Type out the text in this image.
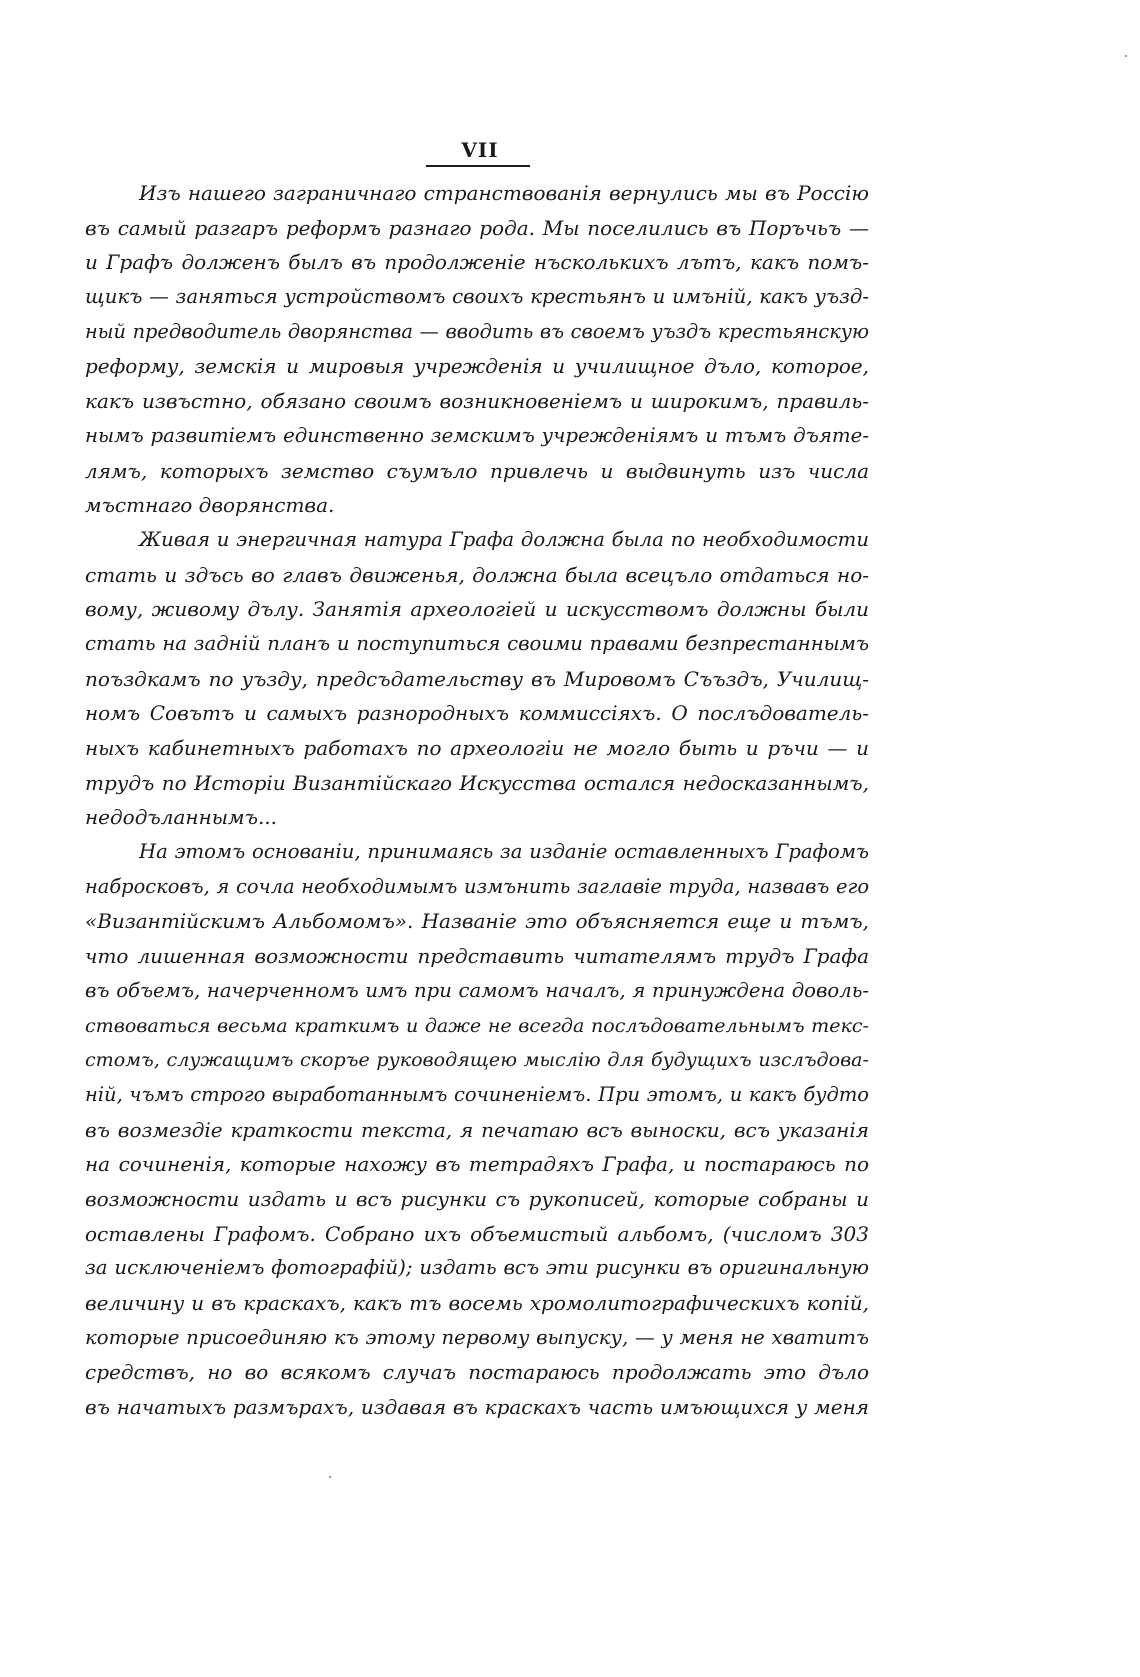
VII
Изъ нашего заграничнаго странствованія вернулись мы въ Россію
въ самый разгаръ реформъ разнаго рода. Мы поселились въ Поръчьъ —
и Графъ долженъ былъ въ продолженіе нъсколькихъ лътъ, какъ помъ-
щикъ — заняться устройствомъ своихъ крестьянъ и имъній, какъ уъзд-
ный предводитель дворянства — вводить въ своемъ уъздъ крестьянскую
реформу, земскія и мировыя учрежденія и училищное дъло, которое,
какъ извъстно, обязано своимъ возникновеніемъ и широкимъ, правиль-
нымъ развитіемъ единственно земскимъ учрежденіямъ и тъмъ дъяте-
лямъ, которыхъ земство съумъло привлечь и выдвинуть изъ числа
мъстнаго дворянства.
Живая и энергичная натура Графа должна была по необходимости
стать и здъсь во главъ движенья, должна была всецъло отдаться но-
вому, живому дълу. Занятія археологіей и искусствомъ должны были
стать на задній планъ и поступиться своими правами безпрестаннымъ
поъздкамъ по уъзду, предсъдательству въ Мировомъ Съъздъ, Училищ-
номъ Совътъ и самыхъ разнородныхъ коммиссіяхъ. О послъдователь-
ныхъ кабинетныхъ работахъ по археологіи не могло быть и ръчи — и
трудъ по Исторіи Византійскаго Искусства остался недосказаннымъ,
недодъланнымъ...
На этомъ основаніи, принимаясь за изданіе оставленныхъ Графомъ
набросковъ, я сочла необходимымъ измънить заглавіе труда, назвавъ его
«Византійскимъ Альбомомъ». Названіе это объясняется еще и тъмъ,
что лишенная возможности представить читателямъ трудъ Графа
въ объемъ, начерченномъ имъ при самомъ началъ, я принуждена доволь-
ствоваться весьма краткимъ и даже не всегда послъдовательнымъ текс-
стомъ, служащимъ скоръе руководящею мыслію для будущихъ изслъдова-
ній, чъмъ строго выработаннымъ сочиненіемъ. При этомъ, и какъ будто
въ возмездіе краткости текста, я печатаю всъ выноски, всъ указанія
на сочиненія, которые нахожу въ тетрадяхъ Графа, и постараюсь по
возможности издать и всъ рисунки съ рукописей, которые собраны и
оставлены Графомъ. Собрано ихъ объемистый альбомъ, (числомъ 303
за исключеніемъ фотографій); издать всъ эти рисунки въ оригинальную
величину и въ краскахъ, какъ тъ восемь хромолитографическихъ копій,
которые присоединяю къ этому первому выпуску, — у меня не хватитъ
средствъ, но во всякомъ случаъ постараюсь продолжать это дъло
въ начатыхъ размърахъ, издавая въ краскахъ часть имъющихся у меня
